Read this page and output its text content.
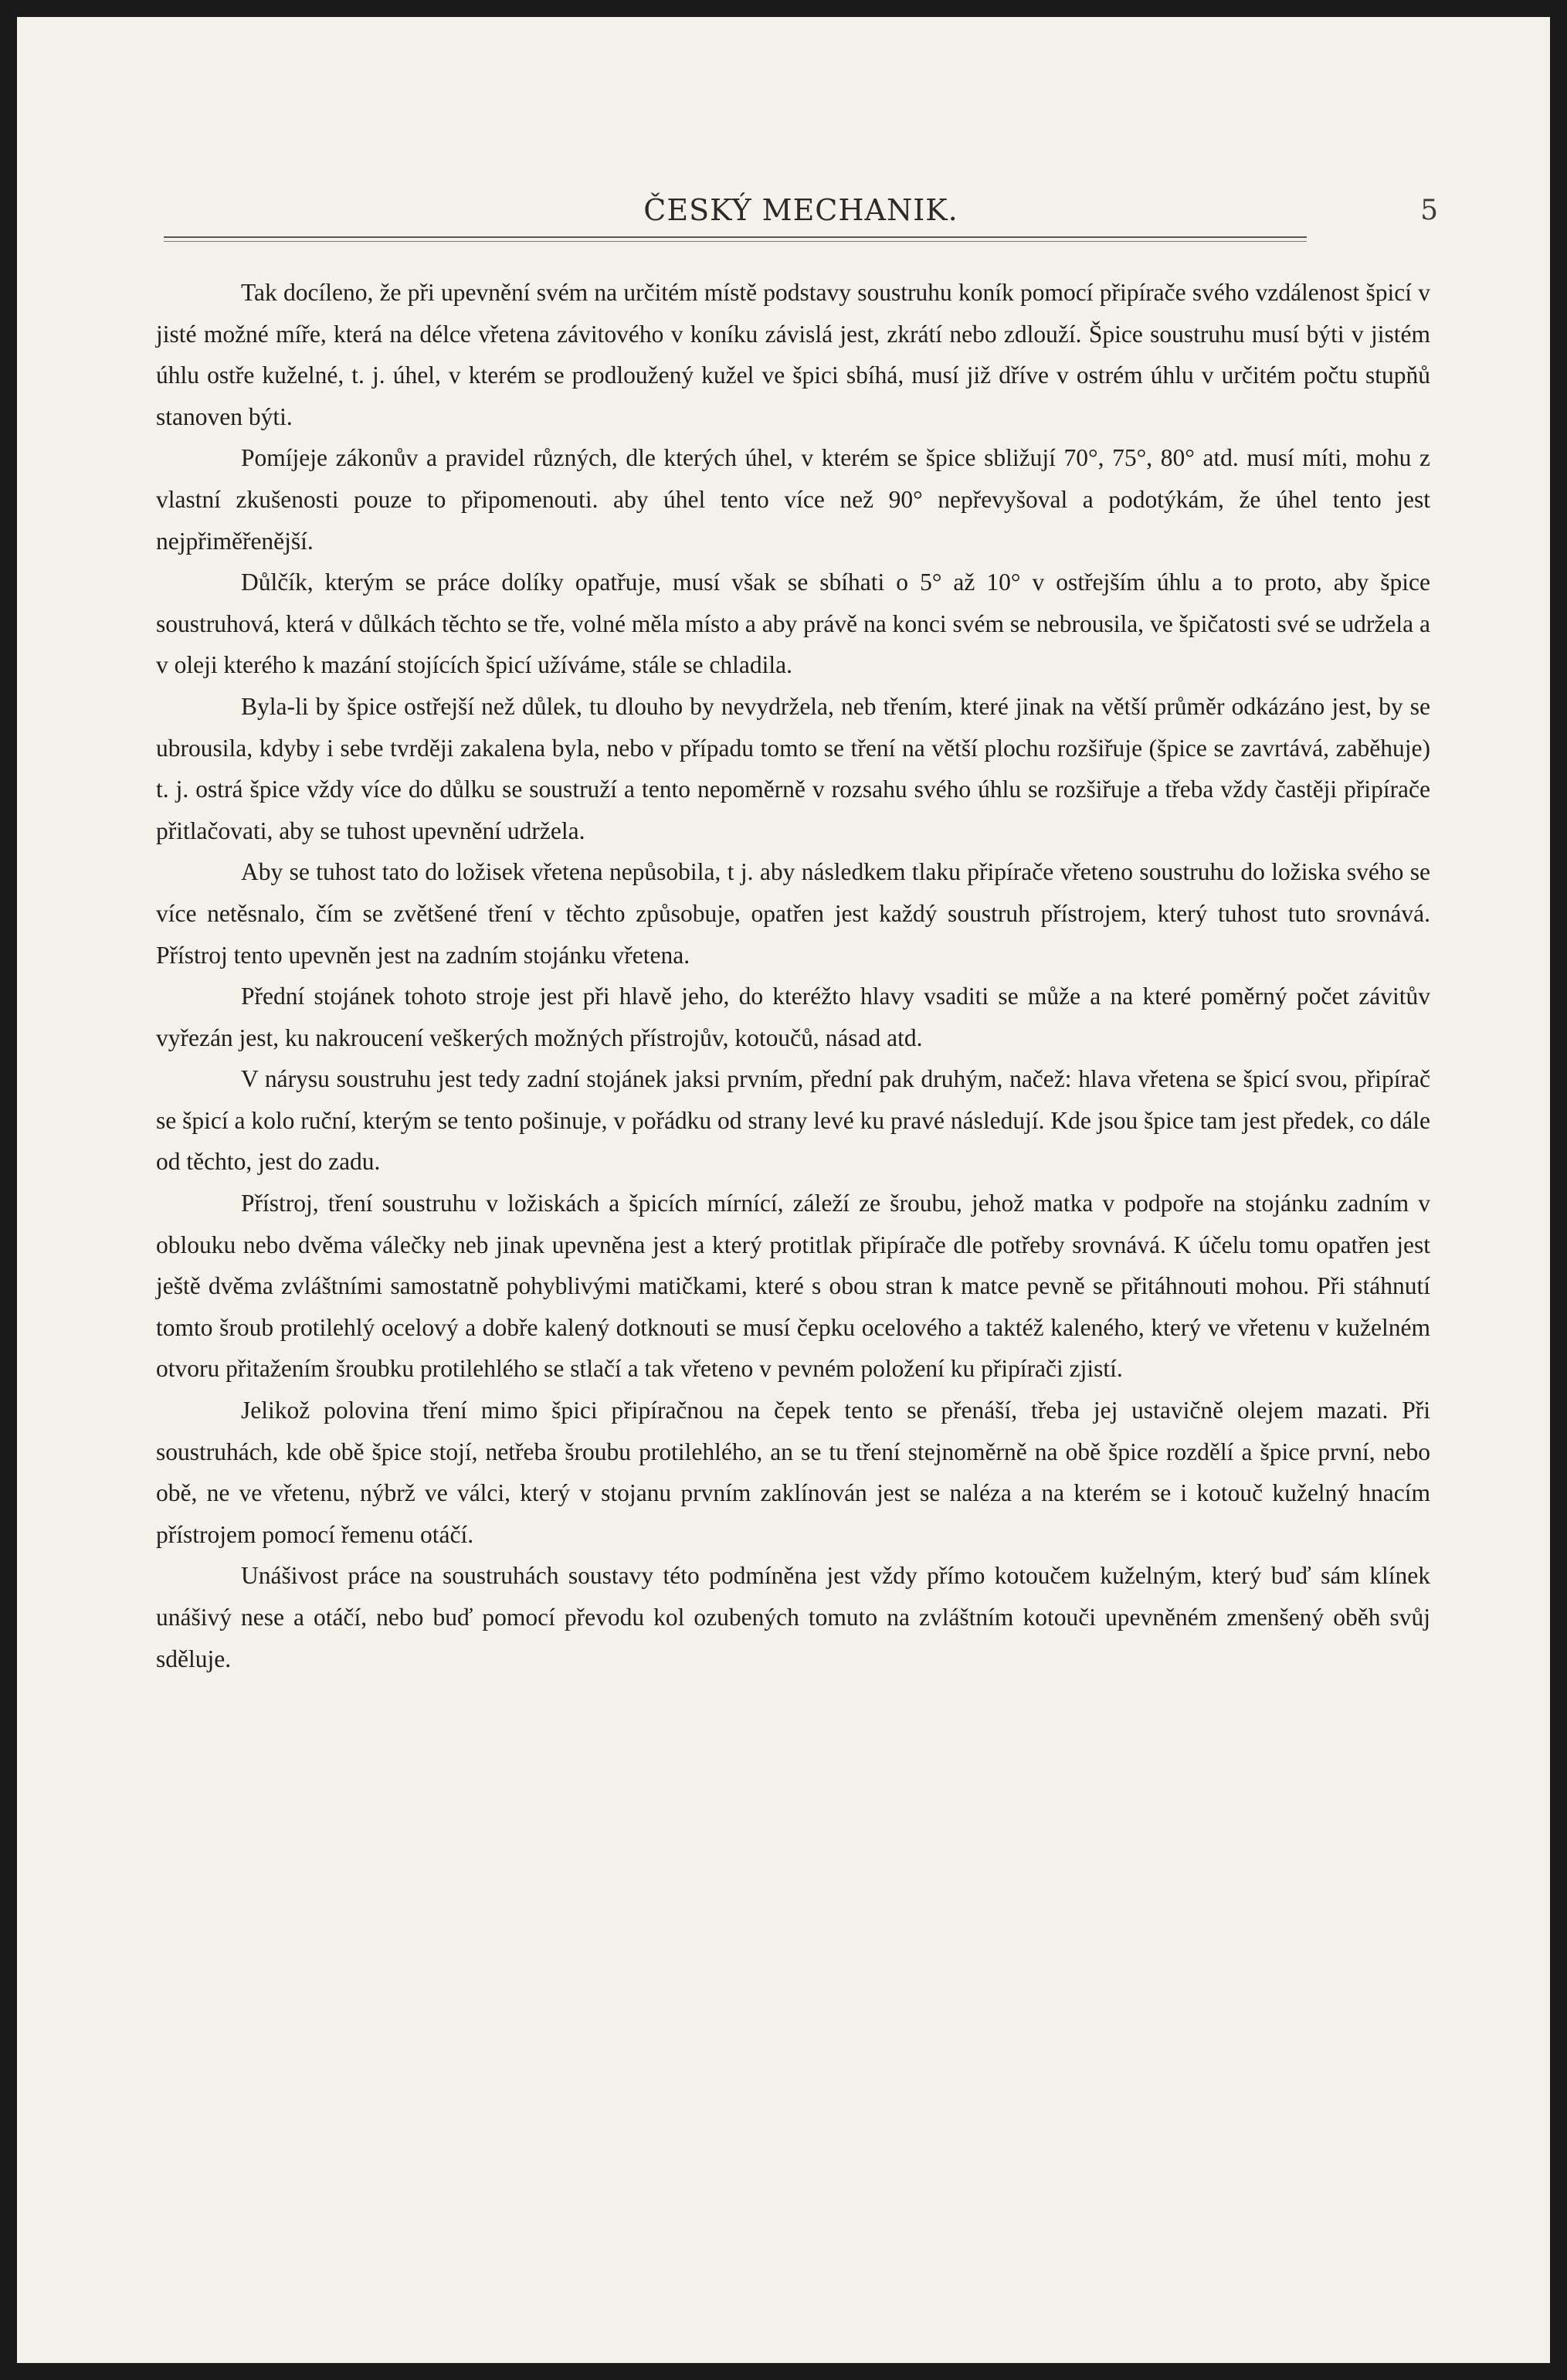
ČESKÝ MECHANIK.	5

Tak docíleno, že při upevnění svém na určitém místě podstavy soustruhu koník pomocí připírače svého vzdálenost špicí v jisté možné míře, která na délce vřetena závitového v koníku závislá jest, zkrátí nebo zdlouží. Špice soustruhu musí býti v jistém úhlu ostře kuželné, t. j. úhel, v kterém se prodloužený kužel ve špici sbíhá, musí již dříve v ostrém úhlu v určitém počtu stupňů stanoven býti.

Pomíjeje zákonův a pravidel různých, dle kterých úhel, v kterém se špice sbližují 70°, 75°, 80° atd. musí míti, mohu z vlastní zkušenosti pouze to připomenouti. aby úhel tento více než 90° nepřevyšoval a podotýkám, že úhel tento jest nejpřiměřenější.

Důlčík, kterým se práce dolíky opatřuje, musí však se sbíhati o 5° až 10° v ostřejším úhlu a to proto, aby špice soustruhová, která v důlkách těchto se tře, volné měla místo a aby právě na konci svém se nebrousila, ve špičatosti své se udržela a v oleji kterého k mazání stojících špicí užíváme, stále se chladila.

Byla-li by špice ostřejší než důlek, tu dlouho by nevydržela, neb třením, které jinak na větší průměr odkázáno jest, by se ubrousila, kdyby i sebe tvrději zakalena byla, nebo v případu tomto se tření na větší plochu rozšiřuje (špice se zavrtává, zaběhuje) t. j. ostrá špice vždy více do důlku se soustruží a tento nepoměrně v rozsahu svého úhlu se rozšiřuje a třeba vždy častěji připírače přitlačovati, aby se tuhost upevnění udržela.

Aby se tuhost tato do ložisek vřetena nepůsobila, t j. aby následkem tlaku připírače vřeteno soustruhu do ložiska svého se více netěsnalo, čím se zvětšené tření v těchto způsobuje, opatřen jest každý soustruh přístrojem, který tuhost tuto srovnává. Přístroj tento upevněn jest na zadním stojánku vřetena.

Přední stojánek tohoto stroje jest při hlavě jeho, do kteréžto hlavy vsaditi se může a na které poměrný počet závitův vyřezán jest, ku nakroucení veškerých možných přístrojův, kotoučů, násad atd.

V nárysu soustruhu jest tedy zadní stojánek jaksi prvním, přední pak druhým, načež: hlava vřetena se špicí svou, připírač se špicí a kolo ruční, kterým se tento pošinuje, v pořádku od strany levé ku pravé následují. Kde jsou špice tam jest předek, co dále od těchto, jest do zadu.

Přístroj, tření soustruhu v ložiskách a špicích mírnící, záleží ze šroubu, jehož matka v podpoře na stojánku zadním v oblouku nebo dvěma válečky neb jinak upevněna jest a který protitlak připírače dle potřeby srovnává. K účelu tomu opatřen jest ještě dvěma zvláštními samostatně pohyblivými matičkami, které s obou stran k matce pevně se přitáhnouti mohou. Při stáhnutí tomto šroub protilehlý ocelový a dobře kalený dotknouti se musí čepku ocelového a taktéž kaleného, který ve vřetenu v kuželném otvoru přitažením šroubku protilehlého se stlačí a tak vřeteno v pevném položení ku připírači zjistí.

Jelikož polovina tření mimo špici připíračnou na čepek tento se přenáší, třeba jej ustavičně olejem mazati. Při soustruhách, kde obě špice stojí, netřeba šroubu protilehlého, an se tu tření stejnoměrně na obě špice rozdělí a špice první, nebo obě, ne ve vřetenu, nýbrž ve válci, který v stojanu prvním zaklínován jest se naléza a na kterém se i kotouč kuželný hnacím přístrojem pomocí řemenu otáčí.

Unášivost práce na soustruhách soustavy této podmíněna jest vždy přímo kotoučem kuželným, který buď sám klínek unášivý nese a otáčí, nebo buď pomocí převodu kol ozubených tomuto na zvláštním kotouči upevněném zmenšený oběh svůj sděluje.
